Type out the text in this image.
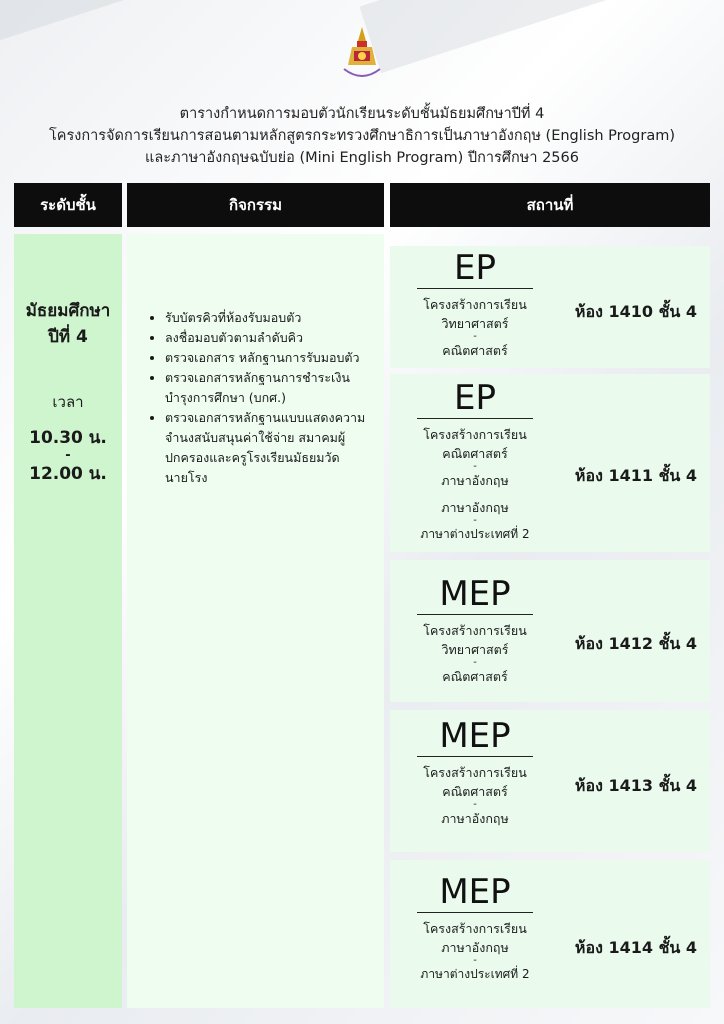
ตารางกำหนดการมอบตัวนักเรียนระดับชั้นมัธยมศึกษาปีที่ 4
โครงการจัดการเรียนการสอนตามหลักสูตรกระทรวงศึกษาธิการเป็นภาษาอังกฤษ (English Program)
และภาษาอังกฤษฉบับย่อ (Mini English Program) ปีการศึกษา 2566
ระดับชั้น	กิจกรรม	สถานที่
มัธยมศึกษา
ปีที่ 4
เวลา
10.30 น.
-
12.00 น.
• รับบัตรคิวที่ห้องรับมอบตัว
• ลงชื่อมอบตัวตามลำดับคิว
• ตรวจเอกสาร หลักฐานการรับมอบตัว
• ตรวจเอกสารหลักฐานการชำระเงิน บำรุงการศึกษา (บกศ.)
• ตรวจเอกสารหลักฐานแบบแสดงความจำนงสนับสนุนค่าใช้จ่าย สมาคมผู้ปกครองและครูโรงเรียนมัธยมวัดนายโรง
EP
โครงสร้างการเรียน
วิทยาศาสตร์
-
คณิตศาสตร์
ห้อง 1410 ชั้น 4
EP
โครงสร้างการเรียน
คณิตศาสตร์
-
ภาษาอังกฤษ
ภาษาอังกฤษ
-
ภาษาต่างประเทศที่ 2
ห้อง 1411 ชั้น 4
MEP
โครงสร้างการเรียน
วิทยาศาสตร์
-
คณิตศาสตร์
ห้อง 1412 ชั้น 4
MEP
โครงสร้างการเรียน
คณิตศาสตร์
-
ภาษาอังกฤษ
ห้อง 1413 ชั้น 4
MEP
โครงสร้างการเรียน
ภาษาอังกฤษ
-
ภาษาต่างประเทศที่ 2
ห้อง 1414 ชั้น 4
